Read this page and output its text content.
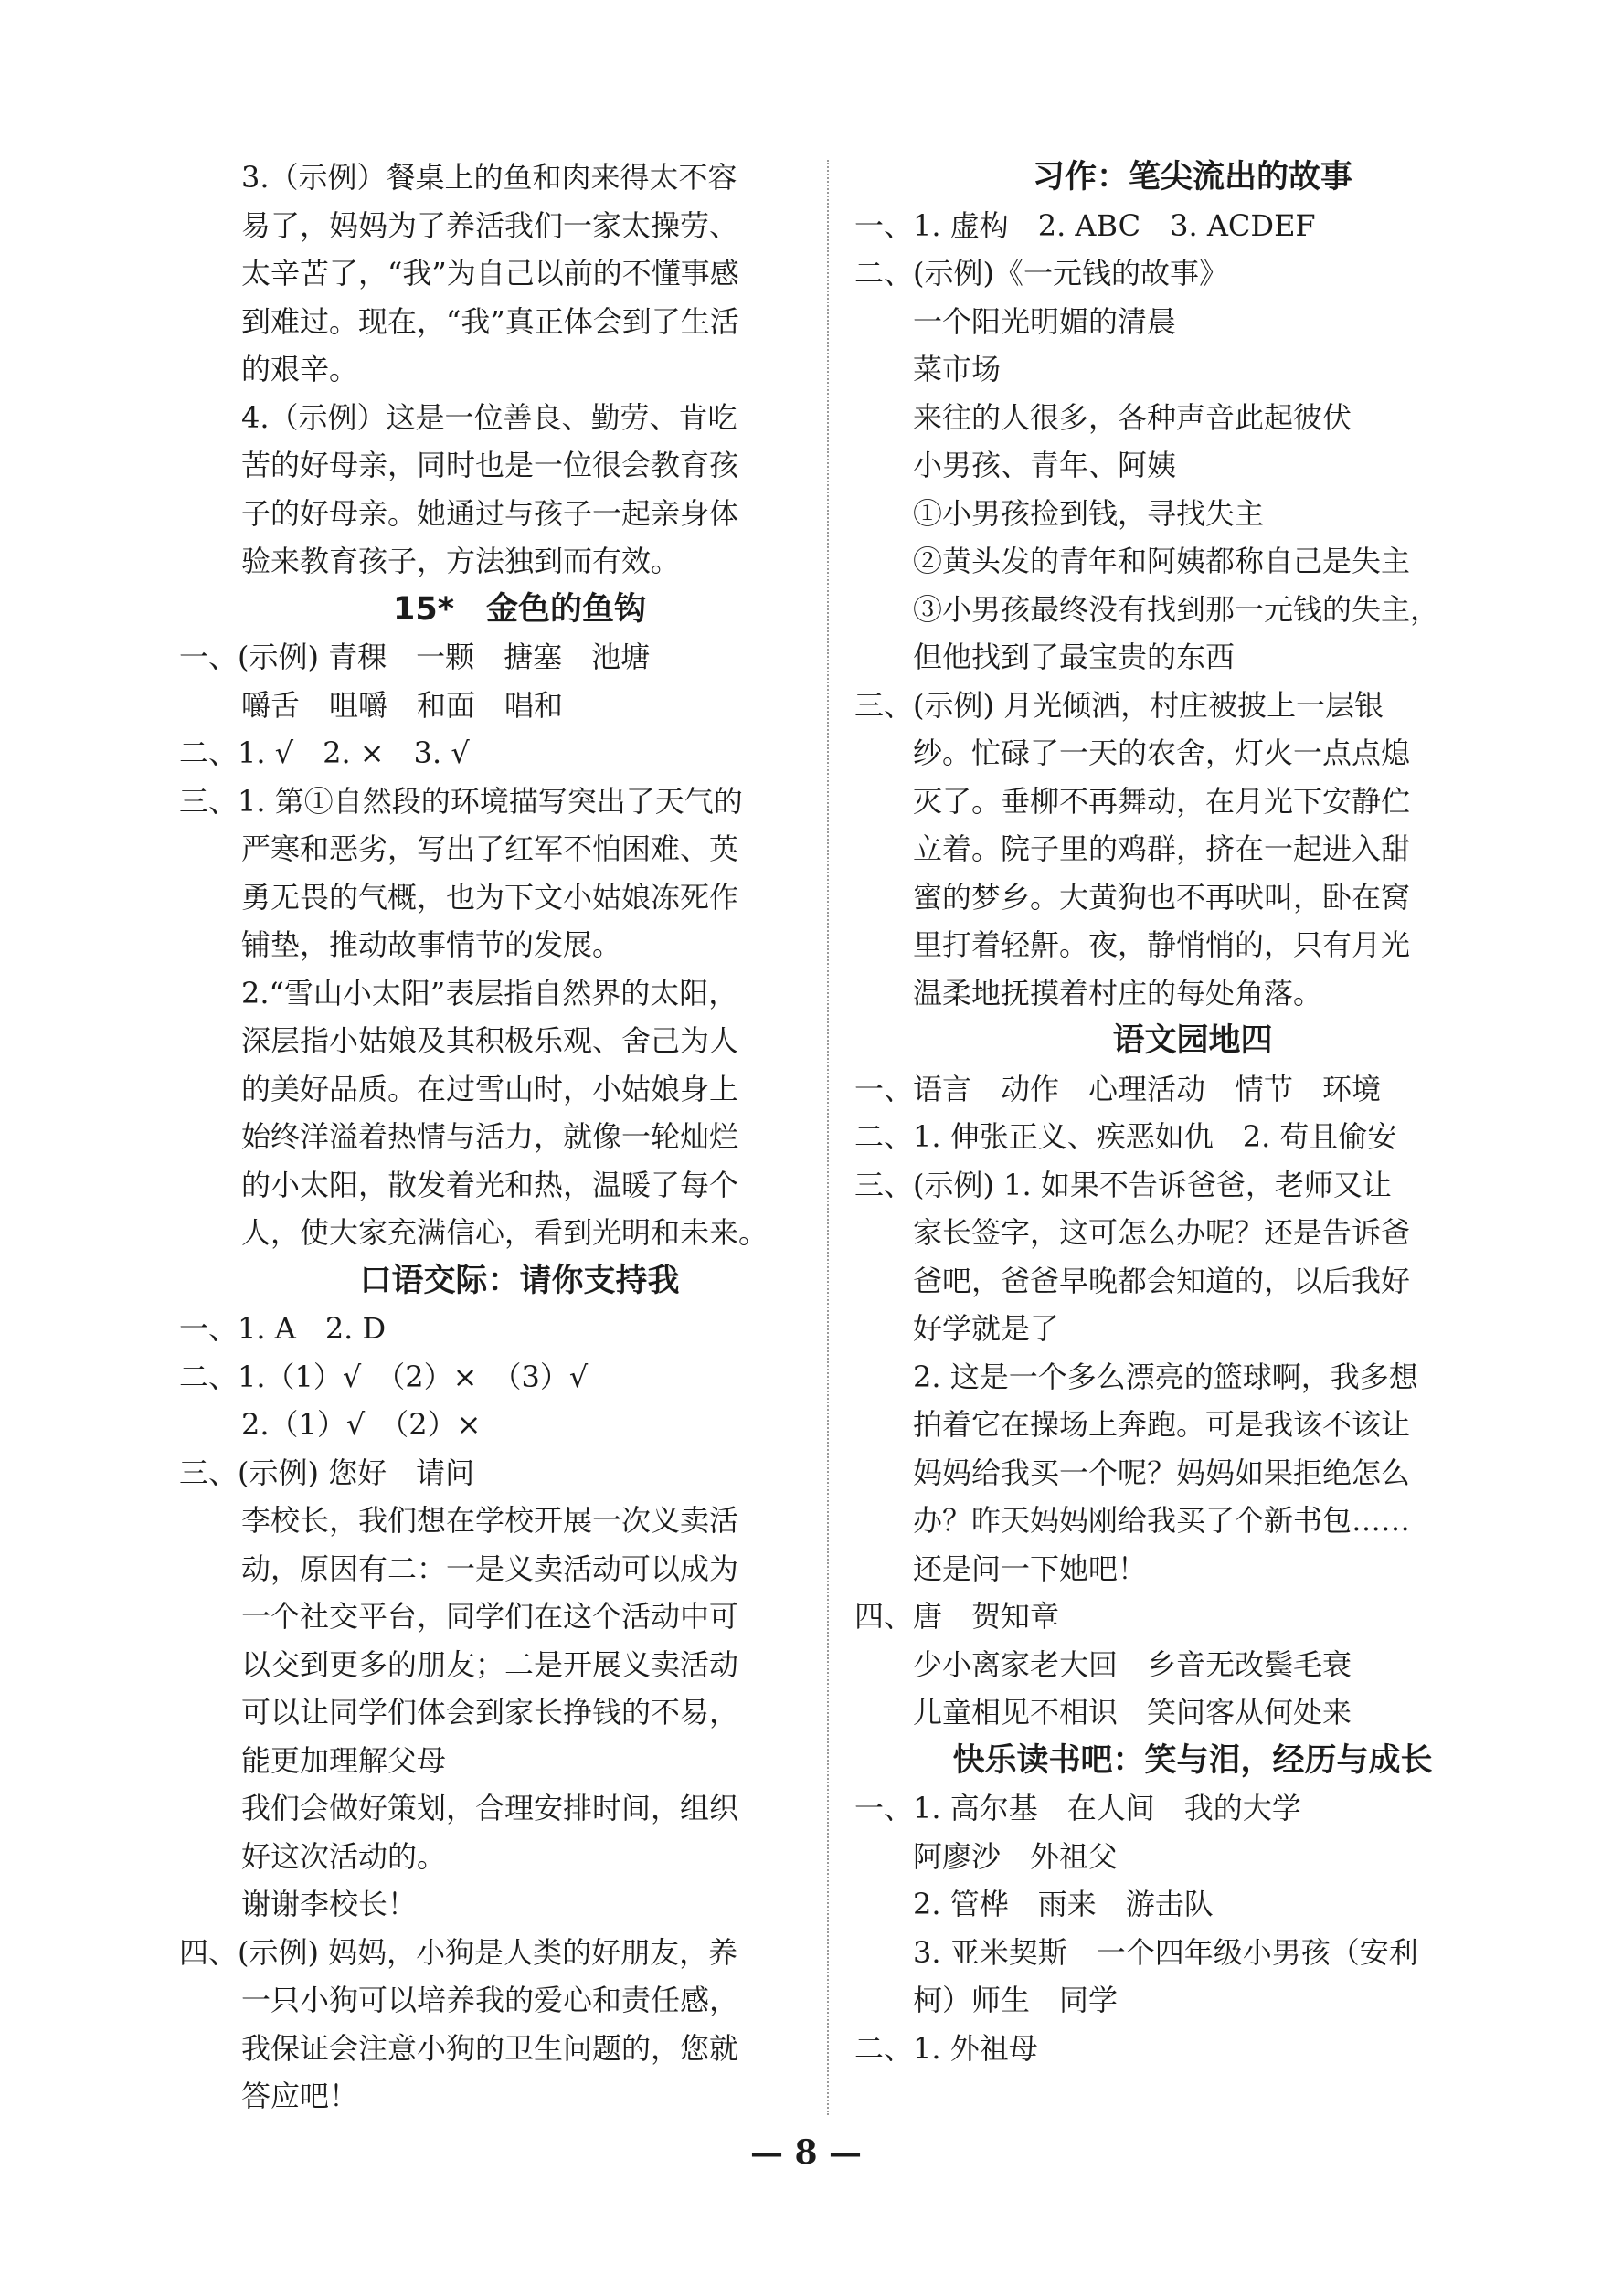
3.（示例）餐桌上的鱼和肉来得太不容
易了，妈妈为了养活我们一家太操劳、
太辛苦了，“我”为自己以前的不懂事感
到难过。现在，“我”真正体会到了生活
的艰辛。
4.（示例）这是一位善良、勤劳、肯吃
苦的好母亲，同时也是一位很会教育孩
子的好母亲。她通过与孩子一起亲身体
验来教育孩子，方法独到而有效。
15*　金色的鱼钩
一、(示例) 青稞　一颗　搪塞　池塘
嚼舌　咀嚼　和面　唱和
二、1. √　2. ×　3. √
三、1. 第①自然段的环境描写突出了天气的
严寒和恶劣，写出了红军不怕困难、英
勇无畏的气概，也为下文小姑娘冻死作
铺垫，推动故事情节的发展。
2.“雪山小太阳”表层指自然界的太阳，
深层指小姑娘及其积极乐观、舍己为人
的美好品质。在过雪山时，小姑娘身上
始终洋溢着热情与活力，就像一轮灿烂
的小太阳，散发着光和热，温暖了每个
人，使大家充满信心，看到光明和未来。
口语交际：请你支持我
一、1. A　2. D
二、1.（1）√　（2）×　（3）√
2.（1）√　（2）×
三、(示例) 您好　请问
李校长，我们想在学校开展一次义卖活
动，原因有二：一是义卖活动可以成为
一个社交平台，同学们在这个活动中可
以交到更多的朋友；二是开展义卖活动
可以让同学们体会到家长挣钱的不易，
能更加理解父母
我们会做好策划，合理安排时间，组织
好这次活动的。
谢谢李校长！
四、(示例) 妈妈，小狗是人类的好朋友，养
一只小狗可以培养我的爱心和责任感，
我保证会注意小狗的卫生问题的，您就
答应吧！
习作：笔尖流出的故事
一、1. 虚构　2. ABC　3. ACDEF
二、(示例)《一元钱的故事》
一个阳光明媚的清晨
菜市场
来往的人很多，各种声音此起彼伏
小男孩、青年、阿姨
①小男孩捡到钱，寻找失主
②黄头发的青年和阿姨都称自己是失主
③小男孩最终没有找到那一元钱的失主，
但他找到了最宝贵的东西
三、(示例) 月光倾洒，村庄被披上一层银
纱。忙碌了一天的农舍，灯火一点点熄
灭了。垂柳不再舞动，在月光下安静伫
立着。院子里的鸡群，挤在一起进入甜
蜜的梦乡。大黄狗也不再吠叫，卧在窝
里打着轻鼾。夜，静悄悄的，只有月光
温柔地抚摸着村庄的每处角落。
语文园地四
一、语言　动作　心理活动　情节　环境
二、1. 伸张正义、疾恶如仇　2. 苟且偷安
三、(示例) 1. 如果不告诉爸爸，老师又让
家长签字，这可怎么办呢？还是告诉爸
爸吧，爸爸早晚都会知道的，以后我好
好学就是了
2. 这是一个多么漂亮的篮球啊，我多想
拍着它在操场上奔跑。可是我该不该让
妈妈给我买一个呢？妈妈如果拒绝怎么
办？昨天妈妈刚给我买了个新书包……
还是问一下她吧！
四、唐　贺知章
少小离家老大回　乡音无改鬓毛衰
儿童相见不相识　笑问客从何处来
快乐读书吧：笑与泪，经历与成长
一、1. 高尔基　在人间　我的大学
阿廖沙　外祖父
2. 管桦　雨来　游击队
3. 亚米契斯　一个四年级小男孩（安利
柯）师生　同学
二、1. 外祖母
— 8 —
